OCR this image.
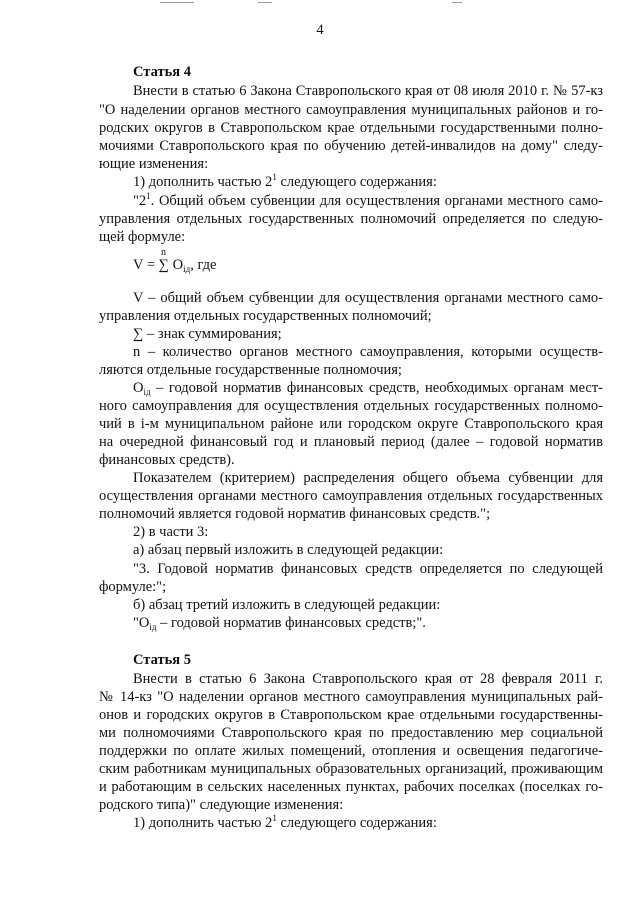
4
Статья 4
Внести в статью 6 Закона Ставропольского края от 08 июля 2010 г. № 57-кз
"О наделении органов местного самоуправления муниципальных районов и го-
родских округов в Ставропольском крае отдельными государственными полно-
мочиями Ставропольского края по обучению детей-инвалидов на дому" следу-
ющие изменения:
1) дополнить частью $2^1$ следующего содержания:
"$2^1$. Общий объем субвенции для осуществления органами местного само-
управления отдельных государственных полномочий определяется по следую-
щей формуле:
n
V = ∑ $O_{iд}$, где
V – общий объем субвенции для осуществления органами местного само-
управления отдельных государственных полномочий;
∑ – знак суммирования;
n – количество органов местного самоуправления, которыми осуществ-
ляются отдельные государственные полномочия;
$O_{iд}$ – годовой норматив финансовых средств, необходимых органам мест-
ного самоуправления для осуществления отдельных государственных полномо-
чий в i-м муниципальном районе или городском округе Ставропольского края
на очередной финансовый год и плановый период (далее – годовой норматив
финансовых средств).
Показателем (критерием) распределения общего объема субвенции для
осуществления органами местного самоуправления отдельных государственных
полномочий является годовой норматив финансовых средств.";
2) в части 3:
а) абзац первый изложить в следующей редакции:
"3. Годовой норматив финансовых средств определяется по следующей
формуле:";
б) абзац третий изложить в следующей редакции:
"$O_{iд}$ – годовой норматив финансовых средств;".
Статья 5
Внести в статью 6 Закона Ставропольского края от 28 февраля 2011 г.
№ 14-кз "О наделении органов местного самоуправления муниципальных рай-
онов и городских округов в Ставропольском крае отдельными государственны-
ми полномочиями Ставропольского края по предоставлению мер социальной
поддержки по оплате жилых помещений, отопления и освещения педагогиче-
ским работникам муниципальных образовательных организаций, проживающим
и работающим в сельских населенных пунктах, рабочих поселках (поселках го-
родского типа)" следующие изменения:
1) дополнить частью $2^1$ следующего содержания:
